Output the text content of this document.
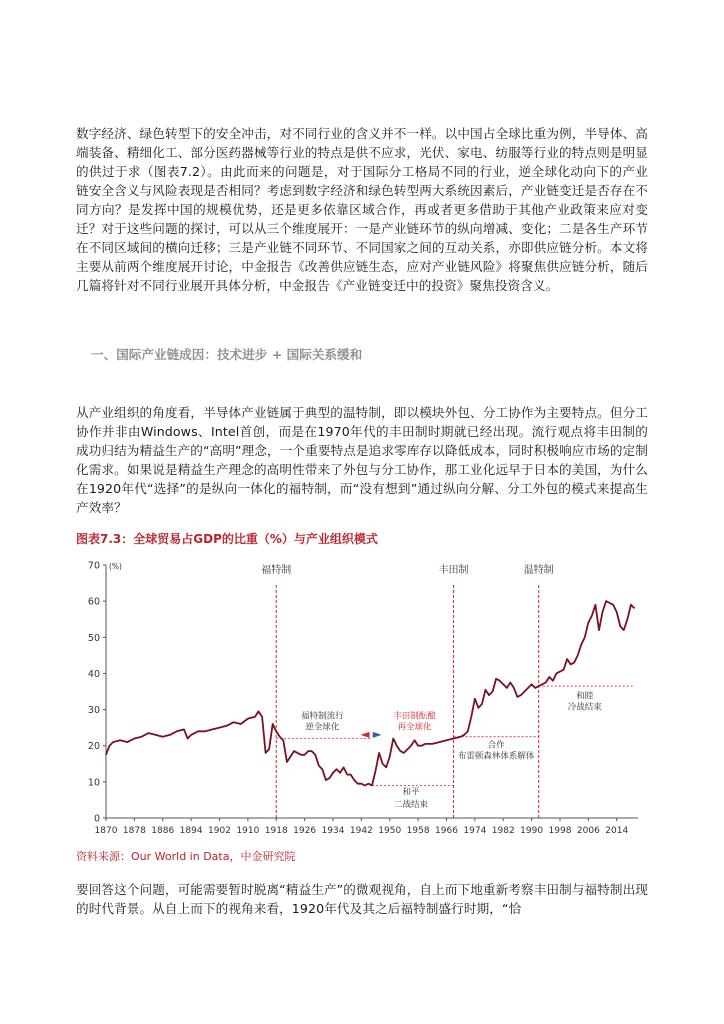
数字经济、绿色转型下的安全冲击，对不同行业的含义并不一样。以中国占全球比重为例，半导体、高端装备、精细化工、部分医药器械等行业的特点是供不应求，光伏、家电、纺服等行业的特点则是明显的供过于求（图表7.2）。由此而来的问题是，对于国际分工格局不同的行业，逆全球化动向下的产业链安全含义与风险表现是否相同？考虑到数字经济和绿色转型两大系统因素后，产业链变迁是否存在不同方向？是发挥中国的规模优势，还是更多依靠区域合作，再或者更多借助于其他产业政策来应对变迁？对于这些问题的探讨，可以从三个维度展开：一是产业链环节的纵向增减、变化；二是各生产环节在不同区域间的横向迁移；三是产业链不同环节、不同国家之间的互动关系，亦即供应链分析。本文将主要从前两个维度展开讨论，中金报告《改善供应链生态，应对产业链风险》将聚焦供应链分析，随后几篇将针对不同行业展开具体分析，中金报告《产业链变迁中的投资》聚焦投资含义。

一、国际产业链成因：技术进步 + 国际关系缓和

从产业组织的角度看，半导体产业链属于典型的温特制，即以模块外包、分工协作为主要特点。但分工协作并非由Windows、Intel首创，而是在1970年代的丰田制时期就已经出现。流行观点将丰田制的成功归结为精益生产的“高明”理念，一个重要特点是追求零库存以降低成本，同时积极响应市场的定制化需求。如果说是精益生产理念的高明性带来了外包与分工协作，那工业化远早于日本的美国，为什么在1920年代“选择”的是纵向一体化的福特制，而“没有想到”通过纵向分解、分工外包的模式来提高生产效率？

图表7.3：全球贸易占GDP的比重（%）与产业组织模式
0
10
20
30
40
50
60
70 (%)
1870 1878 1886 1894 1902 1910 1918 1926 1934 1942 1950 1958 1966 1974 1982 1990 1998 2006 2014
福特制	丰田制	温特制
福特制流行
逆全球化
丰田制酝酿
再全球化
和平
二战结束
合作
布雷顿森林体系解体
和睦
冷战结束
资料来源：Our World in Data，中金研究院

要回答这个问题，可能需要暂时脱离“精益生产”的微观视角，自上而下地重新考察丰田制与福特制出现的时代背景。从自上而下的视角来看，1920年代及其之后福特制盛行时期，“恰
